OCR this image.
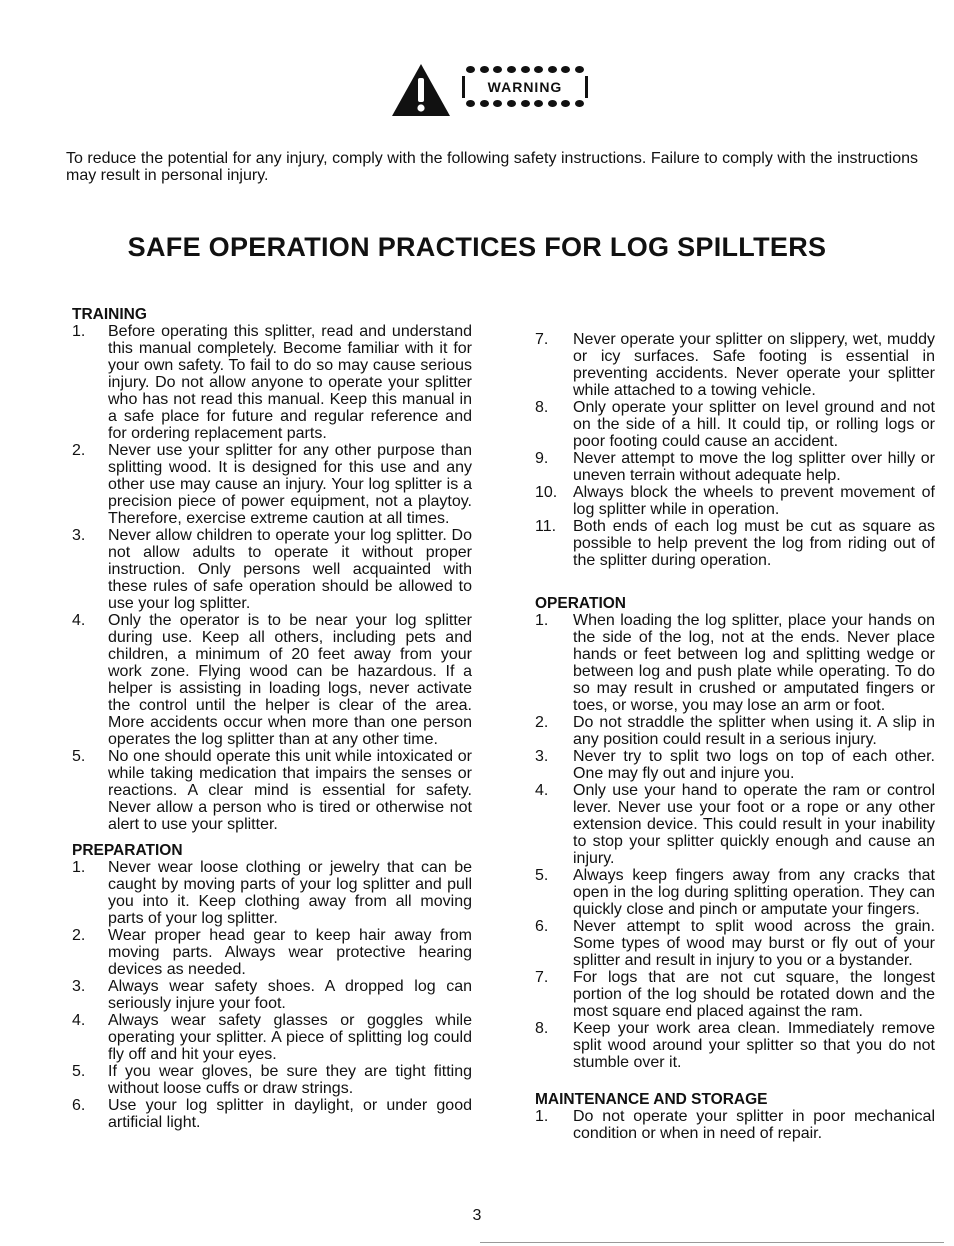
WARNING

To reduce the potential for any injury, comply with the following safety instructions. Failure to comply with the instructions may result in personal injury.

SAFE OPERATION PRACTICES FOR LOG SPILLTERS
TRAINING
1.	Before operating this splitter, read and understand this manual completely. Become familiar with it for your own safety. To fail to do so may cause serious injury. Do not allow anyone to operate your splitter who has not read this manual. Keep this manual in a safe place for future and regular reference and for ordering replacement parts.
2.	Never use your splitter for any other purpose than splitting wood. It is designed for this use and any other use may cause an injury. Your log splitter is a precision piece of power equipment, not a playtoy. Therefore, exercise extreme caution at all times.
3.	Never allow children to operate your log splitter. Do not allow adults to operate it without proper instruction. Only persons well acquainted with these rules of safe operation should be allowed to use your log splitter.
4.	Only the operator is to be near your log splitter during use. Keep all others, including pets and children, a minimum of 20 feet away from your work zone. Flying wood can be hazardous. If a helper is assisting in loading logs, never activate the control until the helper is clear of the area. More accidents occur when more than one person operates the log splitter than at any other time.
5.	No one should operate this unit while intoxicated or while taking medication that impairs the senses or reactions. A clear mind is essential for safety. Never allow a person who is tired or otherwise not alert to use your splitter.
PREPARATION
1.	Never wear loose clothing or jewelry that can be caught by moving parts of your log splitter and pull you into it. Keep clothing away from all moving parts of your log splitter.
2.	Wear proper head gear to keep hair away from moving parts. Always wear protective hearing devices as needed.
3.	Always wear safety shoes. A dropped log can seriously injure your foot.
4.	Always wear safety glasses or goggles while operating your splitter. A piece of splitting log could fly off and hit your eyes.
5.	If you wear gloves, be sure they are tight fitting without loose cuffs or draw strings.
6.	Use your log splitter in daylight, or under good artificial light.
7.	Never operate your splitter on slippery, wet, muddy or icy surfaces. Safe footing is essential in preventing accidents. Never operate your splitter while attached to a towing vehicle.
8.	Only operate your splitter on level ground and not on the side of a hill. It could tip, or rolling logs or poor footing could cause an accident.
9.	Never attempt to move the log splitter over hilly or uneven terrain without adequate help.
10. Always block the wheels to prevent movement of log splitter while in operation.
11.	Both ends of each log must be cut as square as possible to help prevent the log from riding out of the splitter during operation.
OPERATION
1.	When loading the log splitter, place your hands on the side of the log, not at the ends. Never place hands or feet between log and splitting wedge or between log and push plate while operating. To do so may result in crushed or amputated fingers or toes, or worse, you may lose an arm or foot.
2.	Do not straddle the splitter when using it. A slip in any position could result in a serious injury.
3.	Never try to split two logs on top of each other. One may fly out and injure you.
4.	Only use your hand to operate the ram or control lever. Never use your foot or a rope or any other extension device. This could result in your inability to stop your splitter quickly enough and cause an injury.
5.	Always keep fingers away from any cracks that open in the log during splitting operation. They can quickly close and pinch or amputate your fingers.
6.	Never attempt to split wood across the grain. Some types of wood may burst or fly out of your splitter and result in injury to you or a bystander.
7.	For logs that are not cut square, the longest portion of the log should be rotated down and the most square end placed against the ram.
8.	Keep your work area clean. Immediately remove split wood around your splitter so that you do not stumble over it.
MAINTENANCE AND STORAGE
1.	Do not operate your splitter in poor mechanical condition or when in need of repair.
3
